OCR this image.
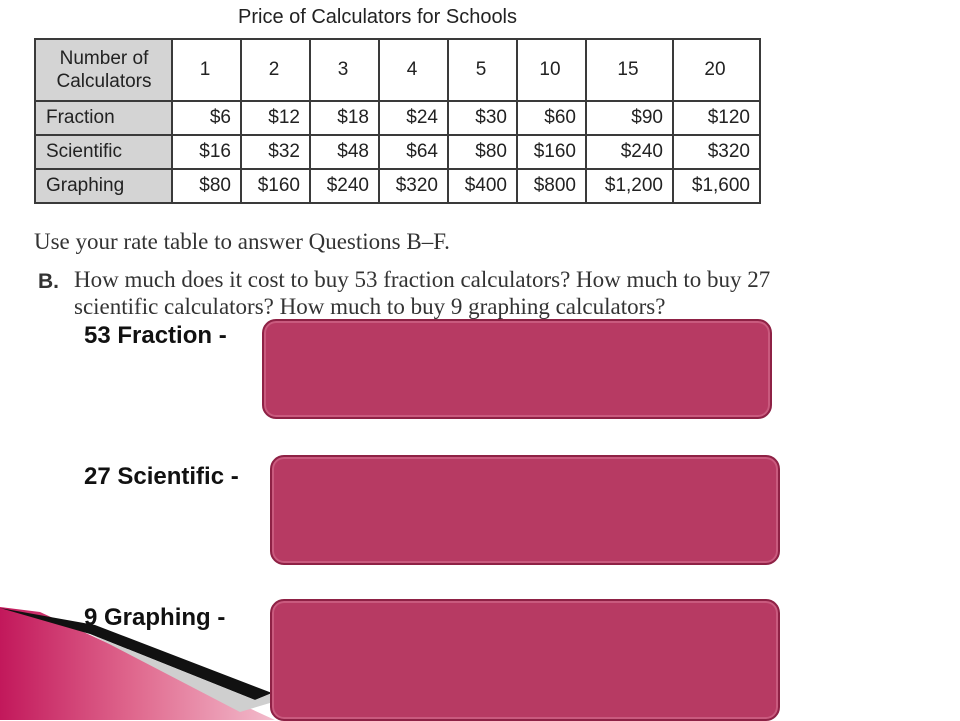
Price of Calculators for Schools
Number of
Calculators	1	2	3	4	5	10	15	20
Fraction	$6	$12	$18	$24	$30	$60	$90	$120
Scientific	$16	$32	$48	$64	$80	$160	$240	$320
Graphing	$80	$160	$240	$320	$400	$800	$1,200	$1,600
Use your rate table to answer Questions B–F.
B. How much does it cost to buy 53 fraction calculators? How much to buy 27 scientific calculators? How much to buy 9 graphing calculators?
53 Fraction -
27 Scientific -
9 Graphing -
